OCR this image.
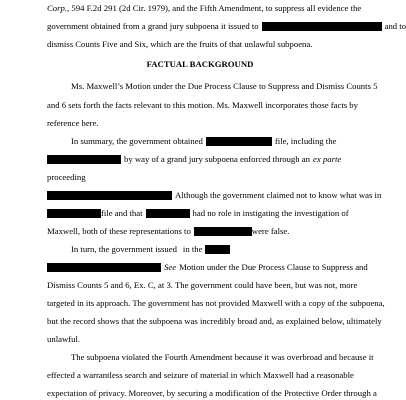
Corp., 594 F.2d 291 (2d Cir. 1979), and the Fifth Amendment, to suppress all evidence the
government obtained from a grand jury subpoena it issued to	and to
dismiss Counts Five and Six, which are the fruits of that unlawful subpoena.
FACTUAL BACKGROUND
Ms. Maxwell’s Motion under the Due Process Clause to Suppress and Dismiss Counts 5
and 6 sets forth the facts relevant to this motion. Ms. Maxwell incorporates those facts by
reference here.
In summary, the government obtained	file, including the
by way of a grand jury subpoena enforced through an ex parte
proceeding
Although the government claimed not to know what was in
file and that	had no role in instigating the investigation of
Maxwell, both of these representations to	were false.
In turn, the government issued in the
See Motion under the Due Process Clause to Suppress and
Dismiss Counts 5 and 6, Ex. C, at 3. The government could have been, but was not, more
targeted in its approach. The government has not provided Maxwell with a copy of the subpoena,
but the record shows that the subpoena was incredibly broad and, as explained below, ultimately
unlawful.
The subpoena violated the Fourth Amendment because it was overbroad and because it
effected a warrantless search and seizure of material in which Maxwell had a reasonable
expectation of privacy. Moreover, by securing a modification of the Protective Order through a
